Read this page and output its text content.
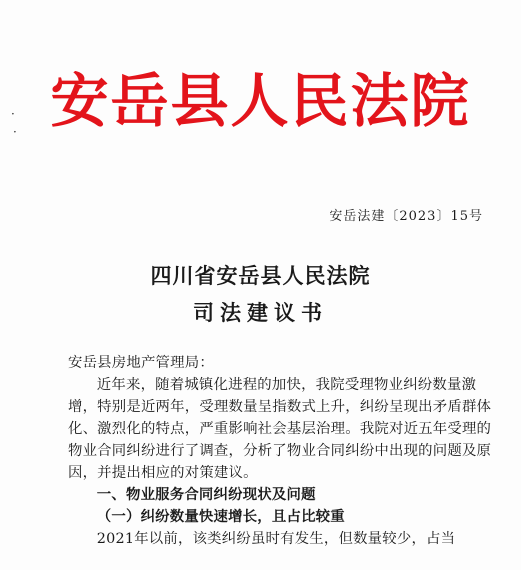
安岳县人民法院
·
·
安岳法建〔2023〕15号
四川省安岳县人民法院
司法建议书

安岳县房地产管理局：

近年来，随着城镇化进程的加快，我院受理物业纠纷数量激增，特别是近两年，受理数量呈指数式上升，纠纷呈现出矛盾群体化、激烈化的特点，严重影响社会基层治理。我院对近五年受理的物业合同纠纷进行了调查，分析了物业合同纠纷中出现的问题及原因，并提出相应的对策建议。

一、物业服务合同纠纷现状及问题

（一）纠纷数量快速增长，且占比较重

2021年以前，该类纠纷虽时有发生，但数量较少，占当
